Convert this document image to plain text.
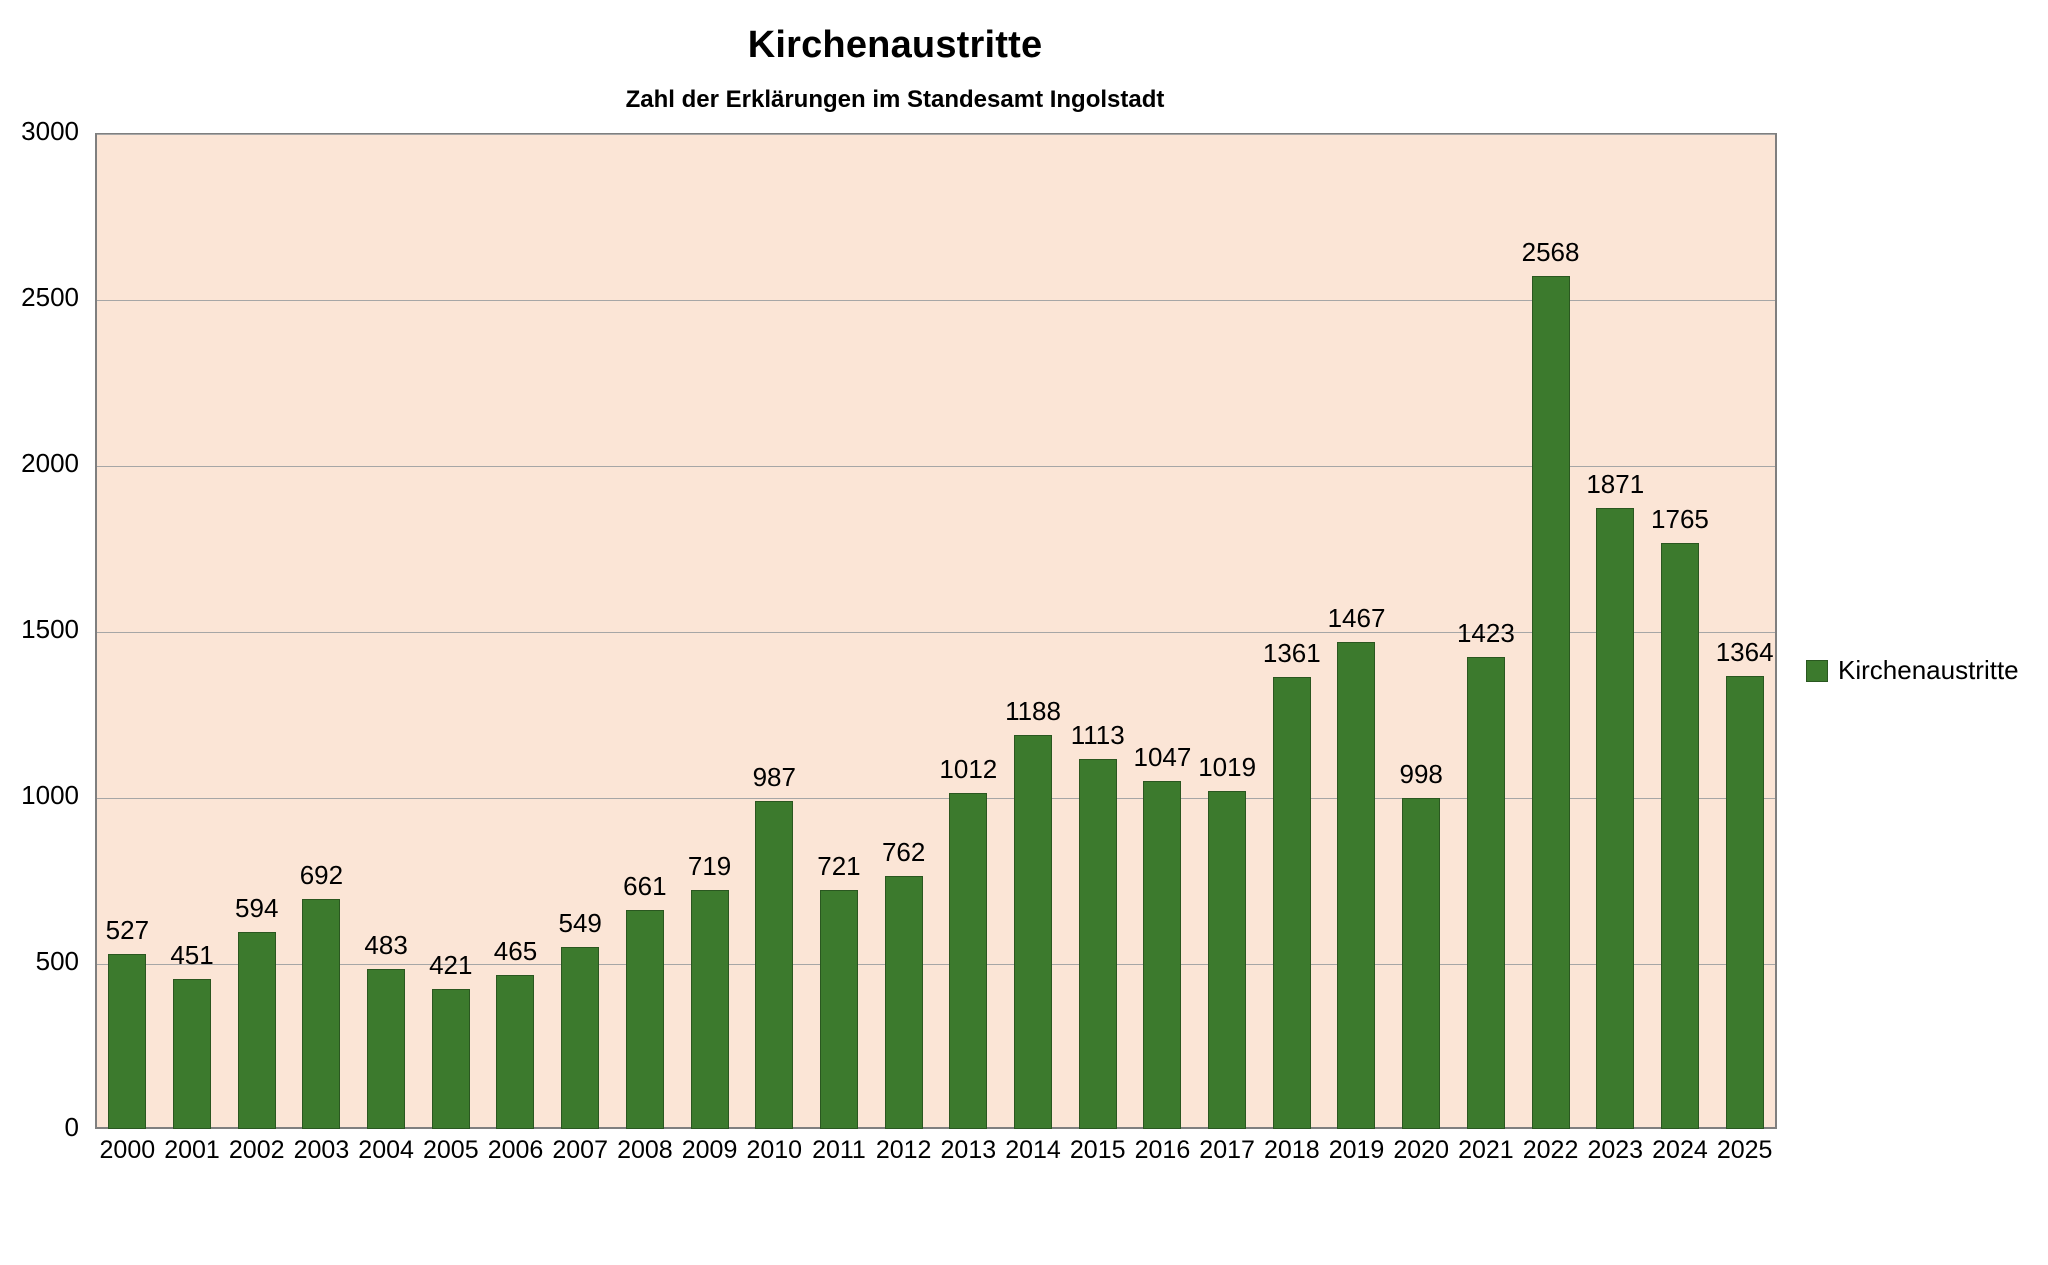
Kirchenaustritte
Zahl der Erklärungen im Standesamt Ingolstadt
0
500
1000
1500
2000
2500
3000
527
451
594
692
483
421 465
549
661
719
987
721 762
1012
1188
1113
1047 1019
1361
1467
998
1423
2568
1871
1765
1364
2000 2001 2002 2003 2004 2005 2006 2007 2008 2009 2010 2011 2012 2013 2014 2015 2016 2017 2018 2019 2020 2021 2022 2023 2024 2025
Kirchenaustritte
